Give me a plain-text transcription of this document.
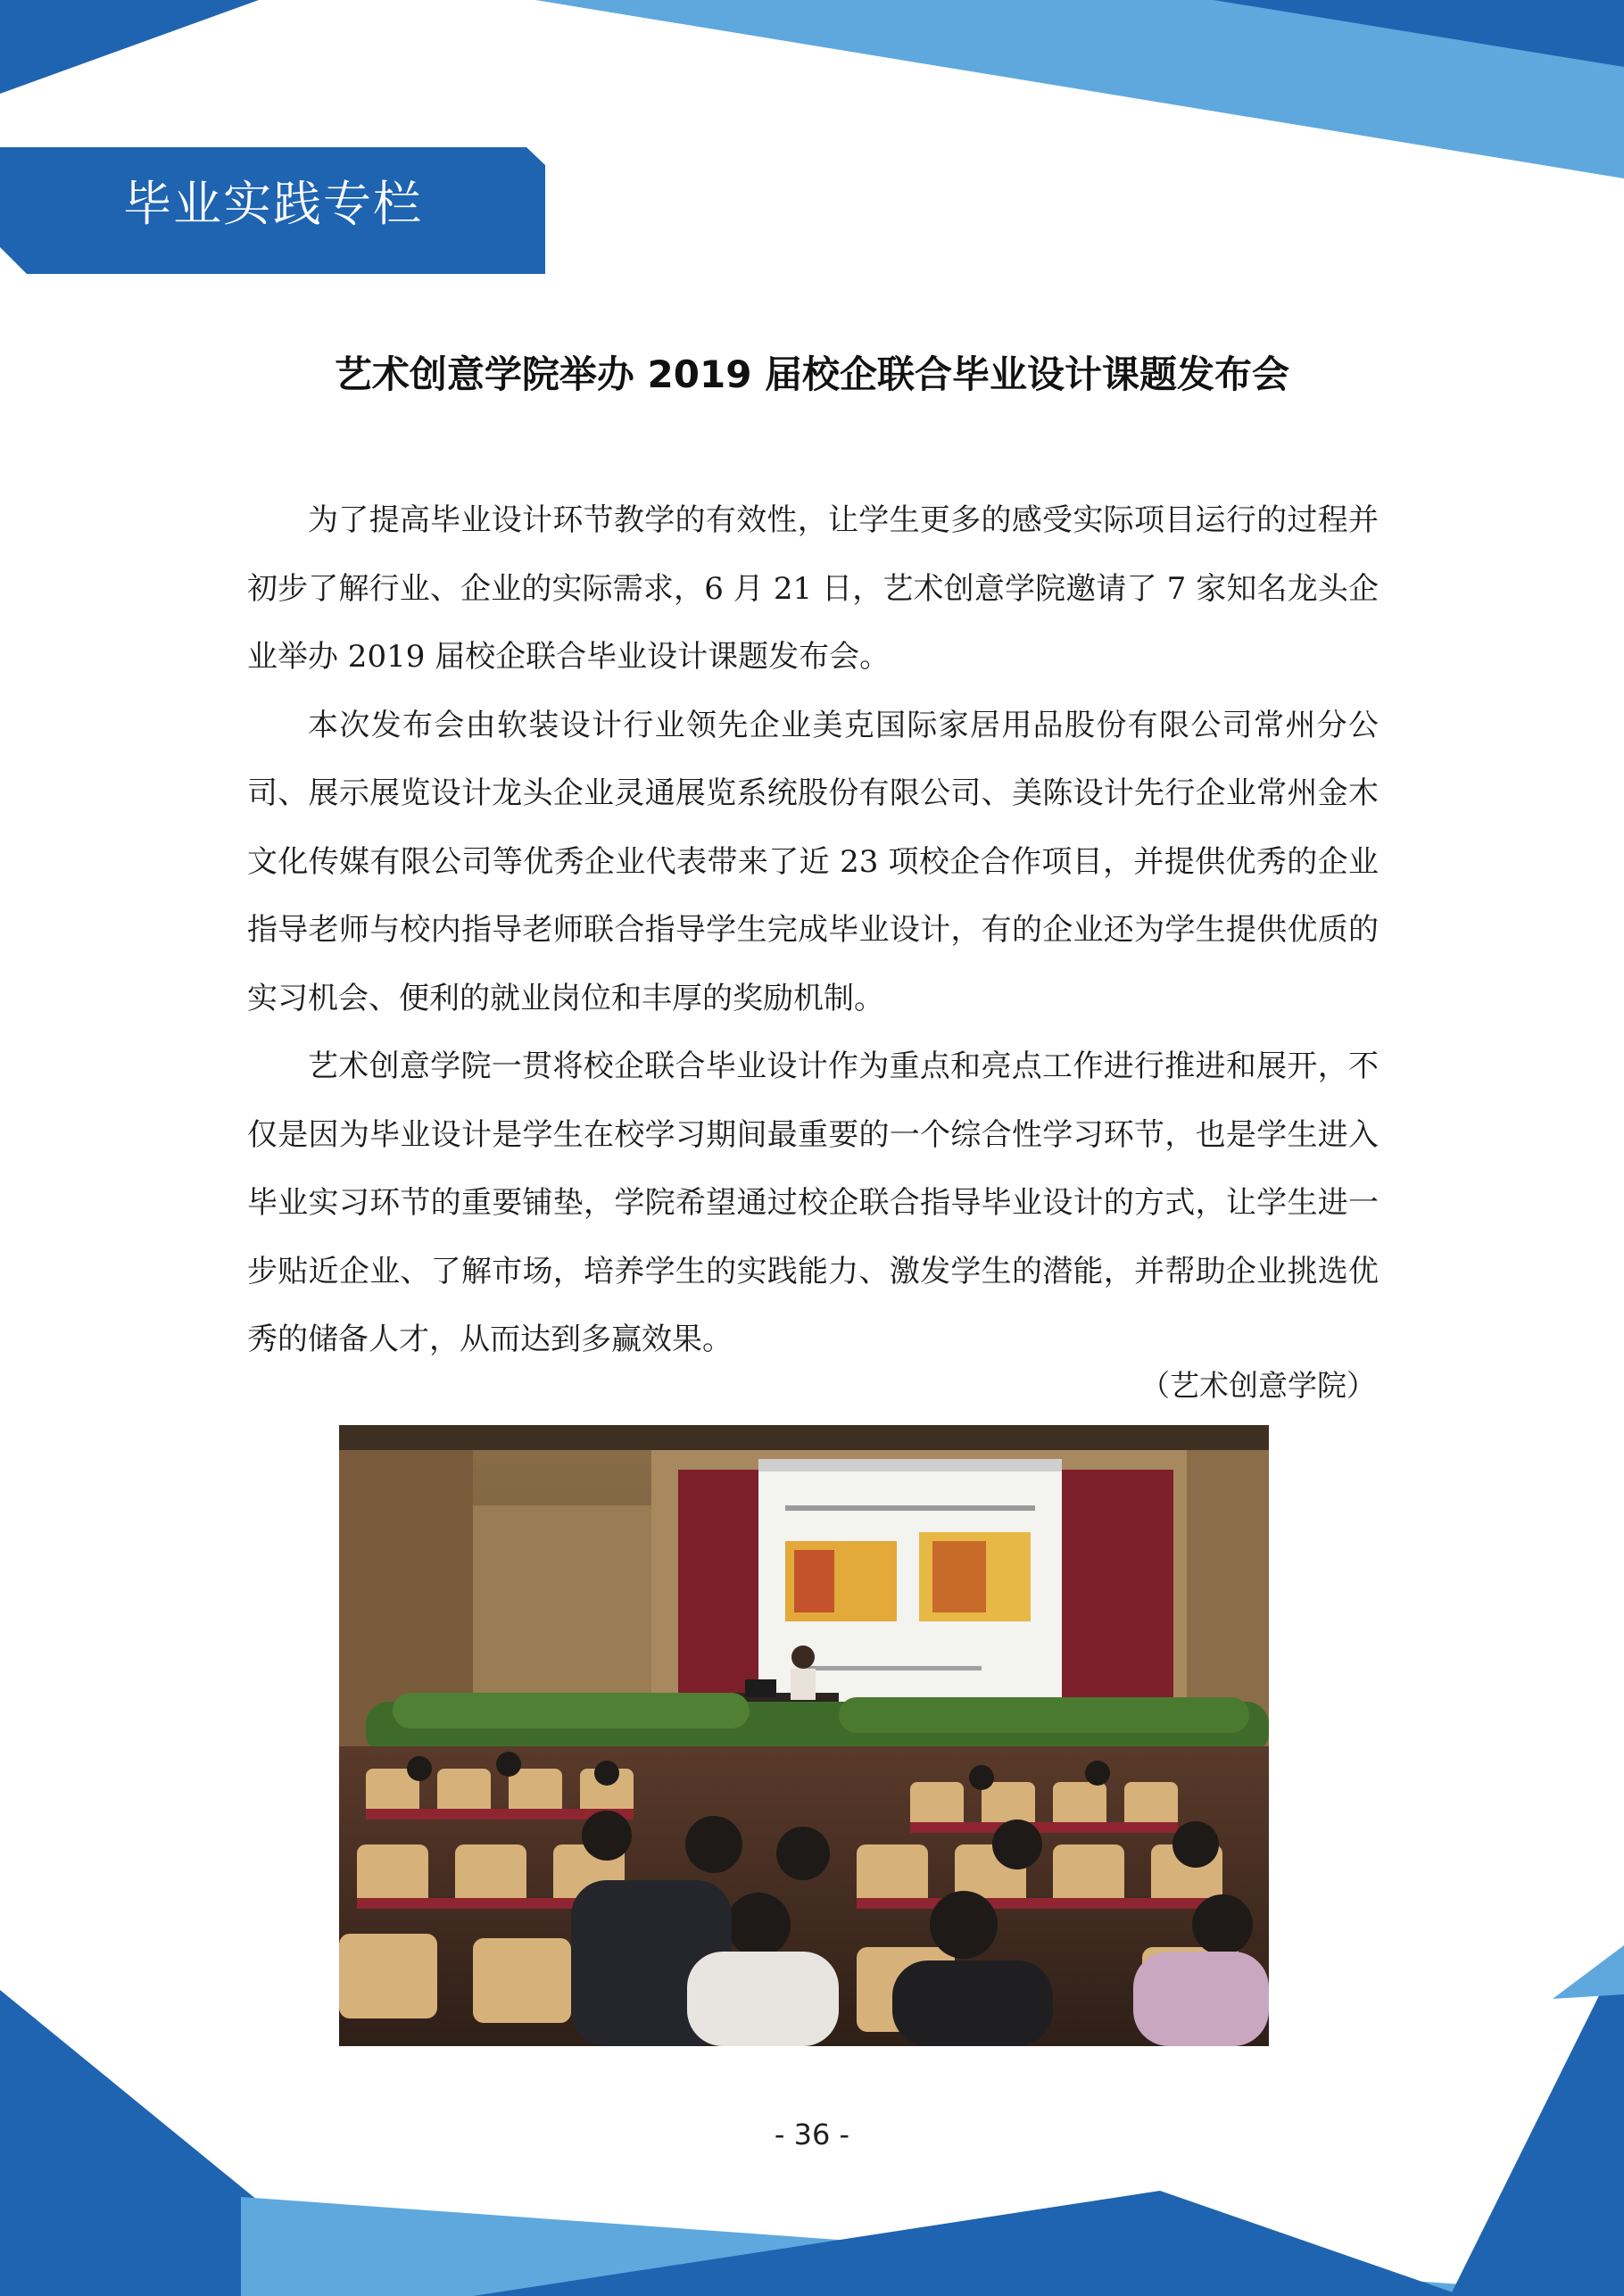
毕业实践专栏
艺术创意学院举办 2019 届校企联合毕业设计课题发布会

为了提高毕业设计环节教学的有效性，让学生更多的感受实际项目运行的过程并初步了解行业、企业的实际需求，6 月 21 日，艺术创意学院邀请了 7 家知名龙头企业举办 2019 届校企联合毕业设计课题发布会。

本次发布会由软装设计行业领先企业美克国际家居用品股份有限公司常州分公司、展示展览设计龙头企业灵通展览系统股份有限公司、美陈设计先行企业常州金木文化传媒有限公司等优秀企业代表带来了近 23 项校企合作项目，并提供优秀的企业指导老师与校内指导老师联合指导学生完成毕业设计，有的企业还为学生提供优质的实习机会、便利的就业岗位和丰厚的奖励机制。

艺术创意学院一贯将校企联合毕业设计作为重点和亮点工作进行推进和展开，不仅是因为毕业设计是学生在校学习期间最重要的一个综合性学习环节，也是学生进入毕业实习环节的重要铺垫，学院希望通过校企联合指导毕业设计的方式，让学生进一步贴近企业、了解市场，培养学生的实践能力、激发学生的潜能，并帮助企业挑选优秀的储备人才，从而达到多赢效果。

（艺术创意学院）
- 36 -
